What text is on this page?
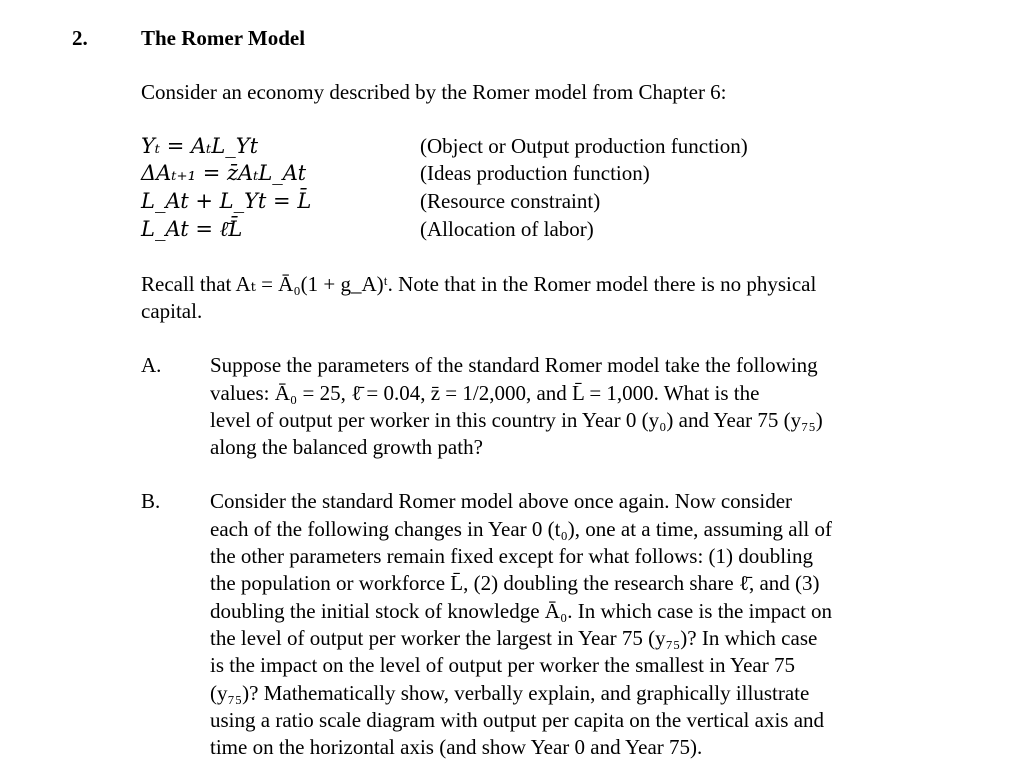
2.	The Romer Model
Consider an economy described by the Romer model from Chapter 6:
Yₜ = AₜL_Yt	(Object or Output production function)
ΔAₜ₊₁ = z̄AₜL_At	(Ideas production function)
L_At + L_Yt = L̄	(Resource constraint)
L_At = ℓ̄L̄	(Allocation of labor)
Recall that Aₜ = Ā₀(1 + g_A)ᵗ. Note that in the Romer model there is no physical
capital.
A. Suppose the parameters of the standard Romer model take the following
values: Ā₀ = 25, ℓ̄ = 0.04, z̄ = 1/2,000, and L̄ = 1,000. What is the
level of output per worker in this country in Year 0 (y₀) and Year 75 (y₇₅)
along the balanced growth path?
B. Consider the standard Romer model above once again. Now consider
each of the following changes in Year 0 (t₀), one at a time, assuming all of
the other parameters remain fixed except for what follows: (1) doubling
the population or workforce L̄, (2) doubling the research share ℓ̄, and (3)
doubling the initial stock of knowledge Ā₀. In which case is the impact on
the level of output per worker the largest in Year 75 (y₇₅)? In which case
is the impact on the level of output per worker the smallest in Year 75
(y₇₅)? Mathematically show, verbally explain, and graphically illustrate
using a ratio scale diagram with output per capita on the vertical axis and
time on the horizontal axis (and show Year 0 and Year 75).
